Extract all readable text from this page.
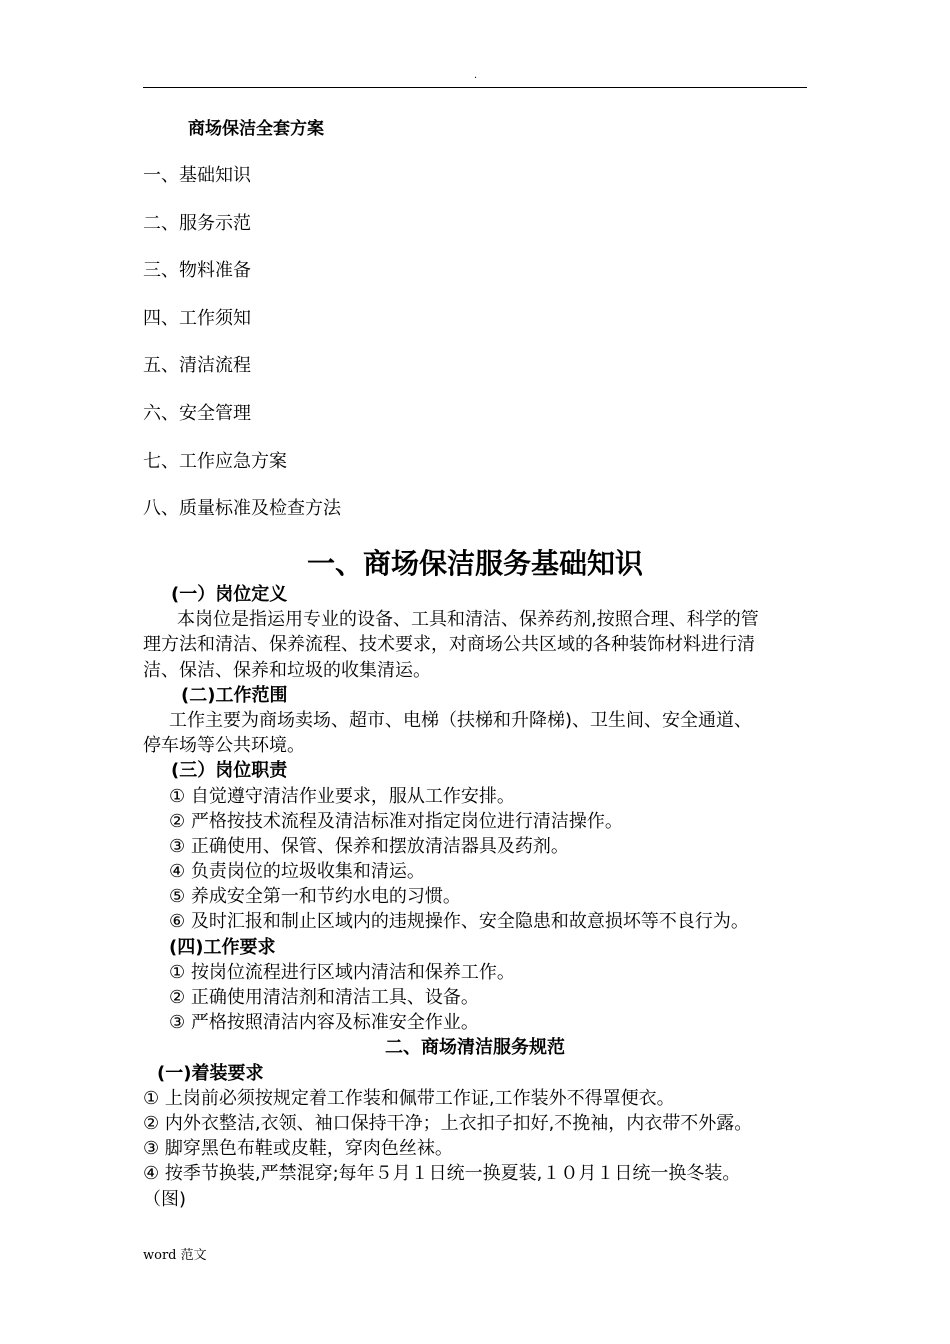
.
商场保洁全套方案
一、基础知识
二、服务示范
三、物料准备
四、工作须知
五、清洁流程
六、安全管理
七、工作应急方案
八、质量标准及检查方法
一、商场保洁服务基础知识
(一）岗位定义
本岗位是指运用专业的设备、工具和清洁、保养药剂,按照合理、科学的管
理方法和清洁、保养流程、技术要求，对商场公共区域的各种装饰材料进行清
洁、保洁、保养和垃圾的收集清运。
(二)工作范围
工作主要为商场卖场、超市、电梯（扶梯和升降梯)、卫生间、安全通道、
停车场等公共环境。
(三）岗位职责
① 自觉遵守清洁作业要求，服从工作安排。
② 严格按技术流程及清洁标准对指定岗位进行清洁操作。
③ 正确使用、保管、保养和摆放清洁器具及药剂。
④ 负责岗位的垃圾收集和清运。
⑤ 养成安全第一和节约水电的习惯。
⑥ 及时汇报和制止区域内的违规操作、安全隐患和故意损坏等不良行为。
(四)工作要求
① 按岗位流程进行区域内清洁和保养工作。
② 正确使用清洁剂和清洁工具、设备。
③ 严格按照清洁内容及标准安全作业。
二、商场清洁服务规范
(一)着装要求
① 上岗前必须按规定着工作装和佩带工作证,工作装外不得罩便衣。
② 内外衣整洁,衣领、袖口保持干净；上衣扣子扣好,不挽袖，内衣带不外露。
③ 脚穿黑色布鞋或皮鞋，穿肉色丝袜。
④ 按季节换装,严禁混穿;每年５月１日统一换夏装,１０月１日统一换冬装。
（图)
word 范文
